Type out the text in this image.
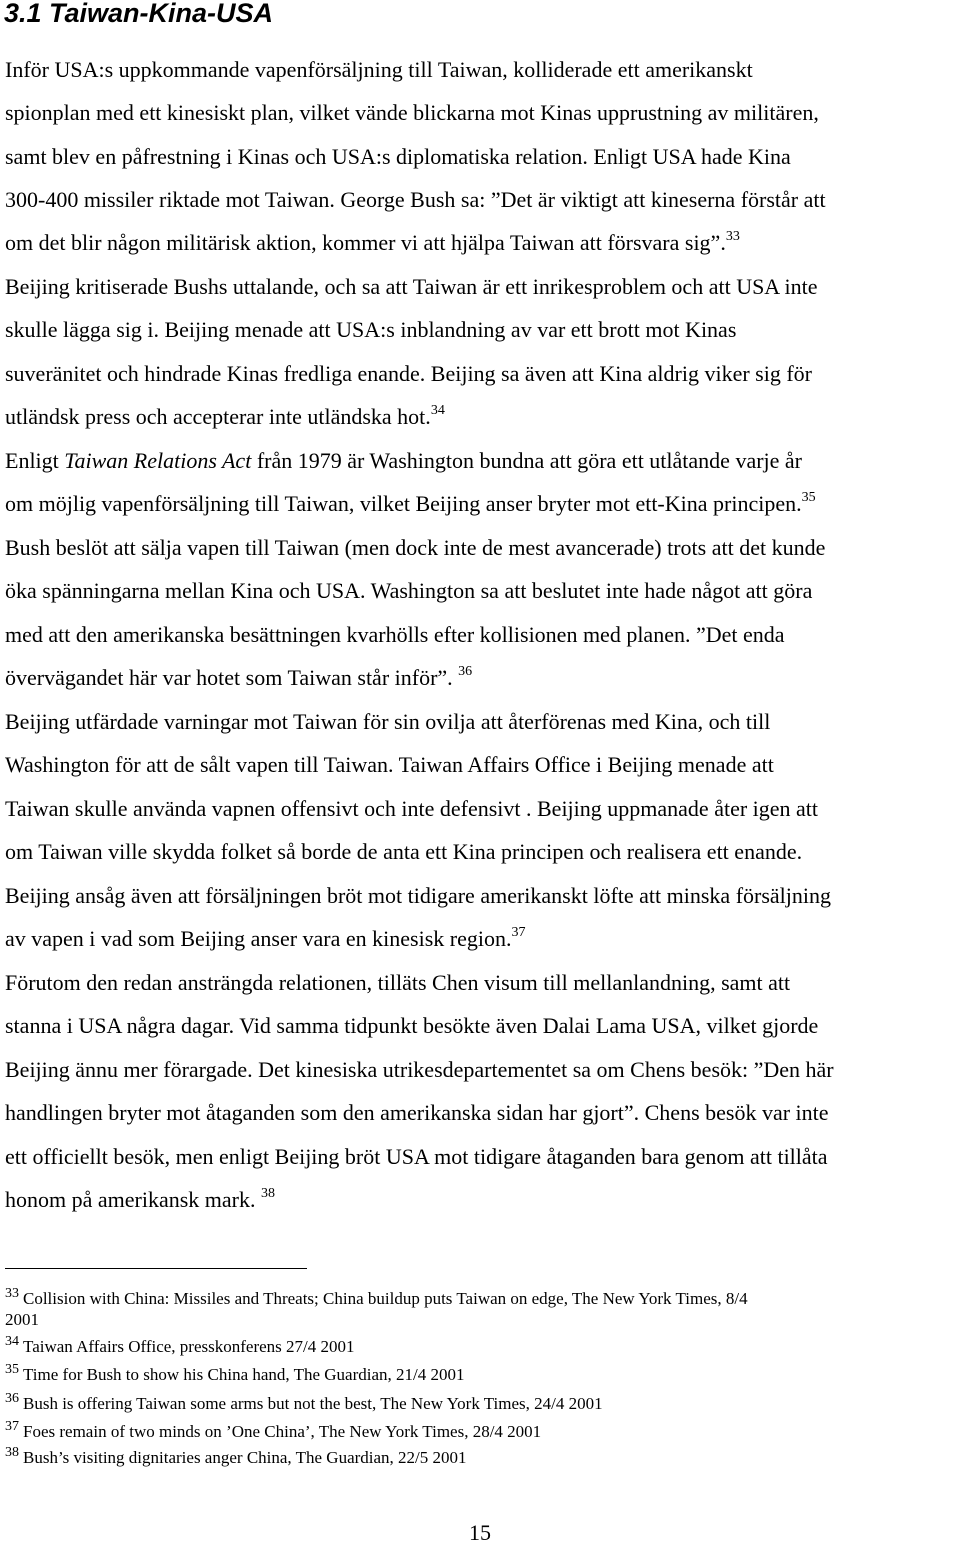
3.1 Taiwan-Kina-USA
Inför USA:s uppkommande vapenförsäljning till Taiwan, kolliderade ett amerikanskt
spionplan med ett kinesiskt plan, vilket vände blickarna mot Kinas upprustning av militären,
samt blev en påfrestning i Kinas och USA:s diplomatiska relation. Enligt USA hade Kina
300-400 missiler riktade mot Taiwan. George Bush sa: ”Det är viktigt att kineserna förstår att
om det blir någon militärisk aktion, kommer vi att hjälpa Taiwan att försvara sig”.$^{33}$
Beijing kritiserade Bushs uttalande, och sa att Taiwan är ett inrikesproblem och att USA inte
skulle lägga sig i. Beijing menade att USA:s inblandning av var ett brott mot Kinas
suveränitet och hindrade Kinas fredliga enande. Beijing sa även att Kina aldrig viker sig för
utländsk press och accepterar inte utländska hot.$^{34}$
Enligt Taiwan Relations Act från 1979 är Washington bundna att göra ett utlåtande varje år
om möjlig vapenförsäljning till Taiwan, vilket Beijing anser bryter mot ett-Kina principen.$^{35}$
Bush beslöt att sälja vapen till Taiwan (men dock inte de mest avancerade) trots att det kunde
öka spänningarna mellan Kina och USA. Washington sa att beslutet inte hade något att göra
med att den amerikanska besättningen kvarhölls efter kollisionen med planen. ”Det enda
övervägandet här var hotet som Taiwan står inför”. $^{36}$
Beijing utfärdade varningar mot Taiwan för sin ovilja att återförenas med Kina, och till
Washington för att de sålt vapen till Taiwan. Taiwan Affairs Office i Beijing menade att
Taiwan skulle använda vapnen offensivt och inte defensivt . Beijing uppmanade åter igen att
om Taiwan ville skydda folket så borde de anta ett Kina principen och realisera ett enande.
Beijing ansåg även att försäljningen bröt mot tidigare amerikanskt löfte att minska försäljning
av vapen i vad som Beijing anser vara en kinesisk region.$^{37}$
Förutom den redan ansträngda relationen, tilläts Chen visum till mellanlandning, samt att
stanna i USA några dagar. Vid samma tidpunkt besökte även Dalai Lama USA, vilket gjorde
Beijing ännu mer förargade. Det kinesiska utrikesdepartementet sa om Chens besök: ”Den här
handlingen bryter mot åtaganden som den amerikanska sidan har gjort”. Chens besök var inte
ett officiellt besök, men enligt Beijing bröt USA mot tidigare åtaganden bara genom att tillåta
honom på amerikansk mark. $^{38}$
$^{33}$ Collision with China: Missiles and Threats; China buildup puts Taiwan on edge, The New York Times, 8/4
2001
$^{34}$ Taiwan Affairs Office, presskonferens 27/4 2001
$^{35}$ Time for Bush to show his China hand, The Guardian, 21/4 2001
$^{36}$ Bush is offering Taiwan some arms but not the best, The New York Times, 24/4 2001
$^{37}$ Foes remain of two minds on ’One China’, The New York Times, 28/4 2001
$^{38}$ Bush’s visiting dignitaries anger China, The Guardian, 22/5 2001
15
